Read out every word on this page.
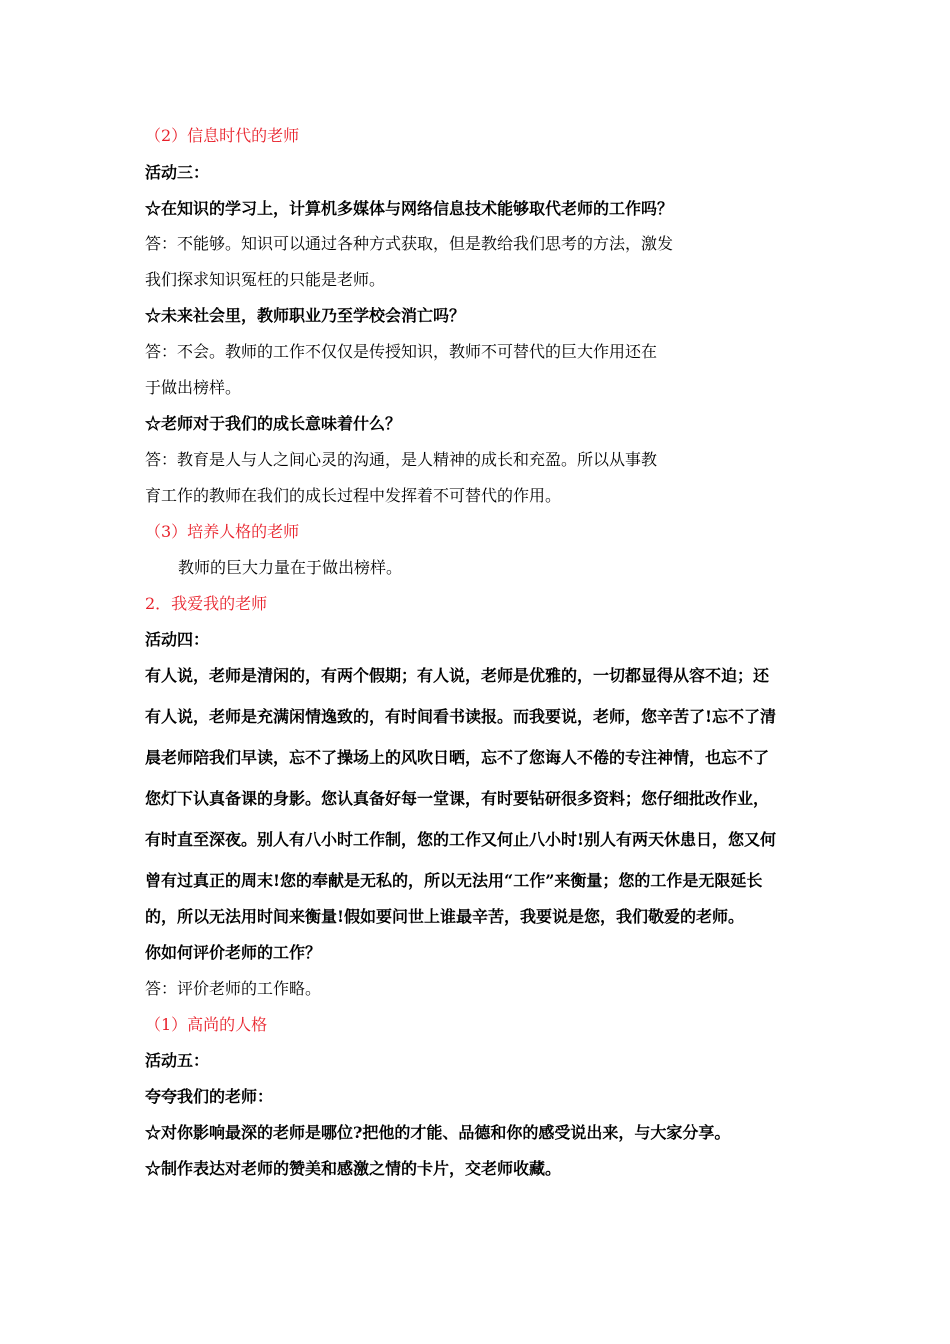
（2）信息时代的老师
活动三：
☆在知识的学习上，计算机多媒体与网络信息技术能够取代老师的工作吗？
答：不能够。知识可以通过各种方式获取，但是教给我们思考的方法，激发
我们探求知识冤枉的只能是老师。
☆未来社会里，教师职业乃至学校会消亡吗？
答：不会。教师的工作不仅仅是传授知识，教师不可替代的巨大作用还在
于做出榜样。
☆老师对于我们的成长意味着什么？
答：教育是人与人之间心灵的沟通，是人精神的成长和充盈。所以从事教
育工作的教师在我们的成长过程中发挥着不可替代的作用。
（3）培养人格的老师
教师的巨大力量在于做出榜样。
2．我爱我的老师
活动四：
有人说，老师是清闲的，有两个假期；有人说，老师是优雅的，一切都显得从容不迫；还
有人说，老师是充满闲情逸致的，有时间看书读报。而我要说，老师，您辛苦了!忘不了清
晨老师陪我们早读，忘不了操场上的风吹日晒，忘不了您诲人不倦的专注神情，也忘不了
您灯下认真备课的身影。您认真备好每一堂课，有时要钻研很多资料；您仔细批改作业，
有时直至深夜。别人有八小时工作制，您的工作又何止八小时!别人有两天休患日，您又何
曾有过真正的周末!您的奉献是无私的，所以无法用“工作”来衡量；您的工作是无限延长
的，所以无法用时间来衡量!假如要问世上谁最辛苦，我要说是您，我们敬爱的老师。
你如何评价老师的工作？
答：评价老师的工作略。
（1）高尚的人格
活动五：
夸夸我们的老师：
☆对你影响最深的老师是哪位?把他的才能、品德和你的感受说出来，与大家分享。
☆制作表达对老师的赞美和感激之情的卡片，交老师收藏。
